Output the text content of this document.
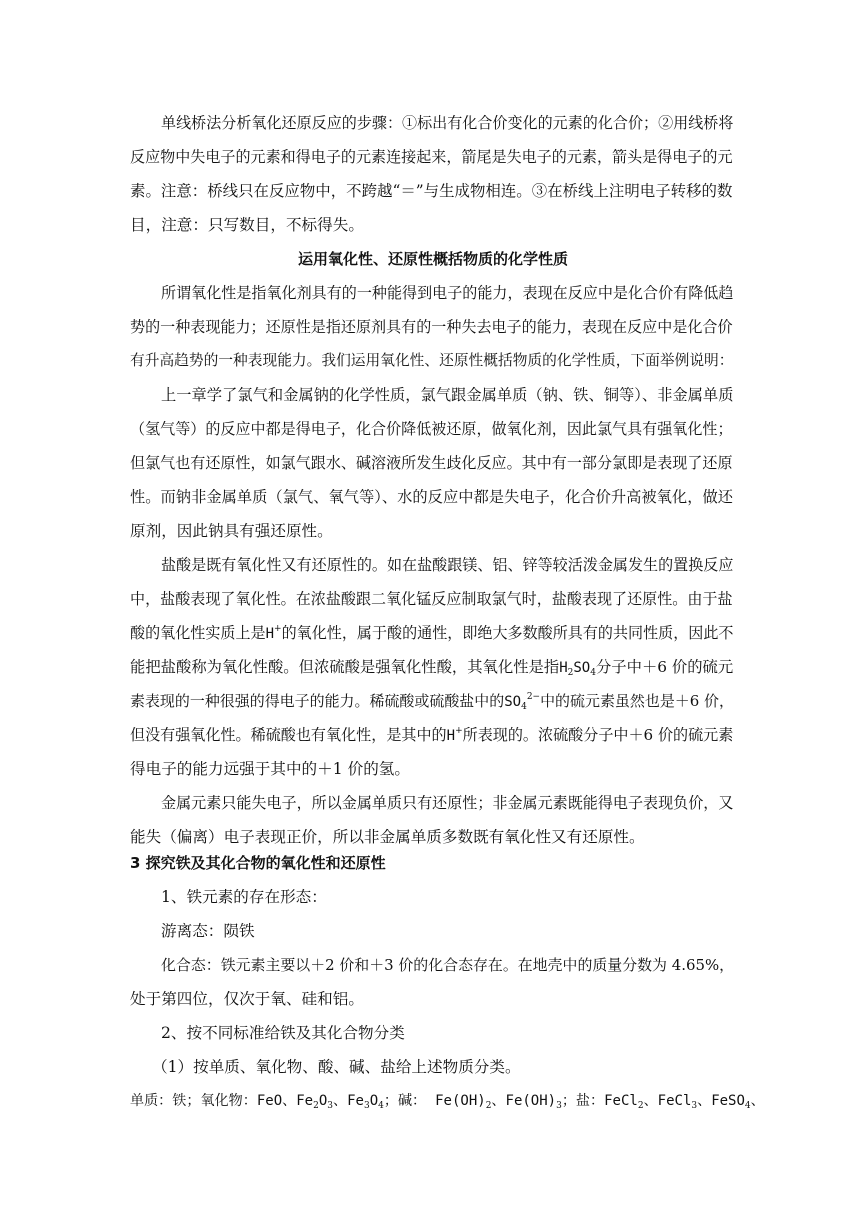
单线桥法分析氧化还原反应的步骤：①标出有化合价变化的元素的化合价；②用线桥将
反应物中失电子的元素和得电子的元素连接起来，箭尾是失电子的元素，箭头是得电子的元
素。注意：桥线只在反应物中，不跨越“＝”与生成物相连。③在桥线上注明电子转移的数
目，注意：只写数目，不标得失。
运用氧化性、还原性概括物质的化学性质
所谓氧化性是指氧化剂具有的一种能得到电子的能力，表现在反应中是化合价有降低趋
势的一种表现能力；还原性是指还原剂具有的一种失去电子的能力，表现在反应中是化合价
有升高趋势的一种表现能力。我们运用氧化性、还原性概括物质的化学性质，下面举例说明：
上一章学了氯气和金属钠的化学性质，氯气跟金属单质（钠、铁、铜等）、非金属单质
（氢气等）的反应中都是得电子，化合价降低被还原，做氧化剂，因此氯气具有强氧化性；
但氯气也有还原性，如氯气跟水、碱溶液所发生歧化反应。其中有一部分氯即是表现了还原
性。而钠非金属单质（氯气、氧气等）、水的反应中都是失电子，化合价升高被氧化，做还
原剂，因此钠具有强还原性。
盐酸是既有氧化性又有还原性的。如在盐酸跟镁、铝、锌等较活泼金属发生的置换反应
中，盐酸表现了氧化性。在浓盐酸跟二氧化锰反应制取氯气时，盐酸表现了还原性。由于盐
酸的氧化性实质上是H+的氧化性，属于酸的通性，即绝大多数酸所具有的共同性质，因此不
能把盐酸称为氧化性酸。但浓硫酸是强氧化性酸，其氧化性是指$H_2SO_4$分子中＋6 价的硫元
素表现的一种很强的得电子的能力。稀硫酸或硫酸盐中的$SO_4^{2-}$中的硫元素虽然也是＋6 价，
但没有强氧化性。稀硫酸也有氧化性，是其中的H+所表现的。浓硫酸分子中＋6 价的硫元素
得电子的能力远强于其中的＋1 价的氢。
金属元素只能失电子，所以金属单质只有还原性；非金属元素既能得电子表现负价，又
能失（偏离）电子表现正价，所以非金属单质多数既有氧化性又有还原性。
3 探究铁及其化合物的氧化性和还原性
1、铁元素的存在形态：
游离态：陨铁
化合态：铁元素主要以＋2 价和＋3 价的化合态存在。在地壳中的质量分数为 4.65%，
处于第四位，仅次于氧、硅和铝。
2、按不同标准给铁及其化合物分类
（1）按单质、氧化物、酸、碱、盐给上述物质分类。
单质：铁；氧化物：FeO、$Fe_2O_3$、$Fe_3O_4$；碱：  $Fe(OH)_2$、$Fe(OH)_3$；盐：FeCl$_2$、FeCl$_3$、FeSO$_4$、
